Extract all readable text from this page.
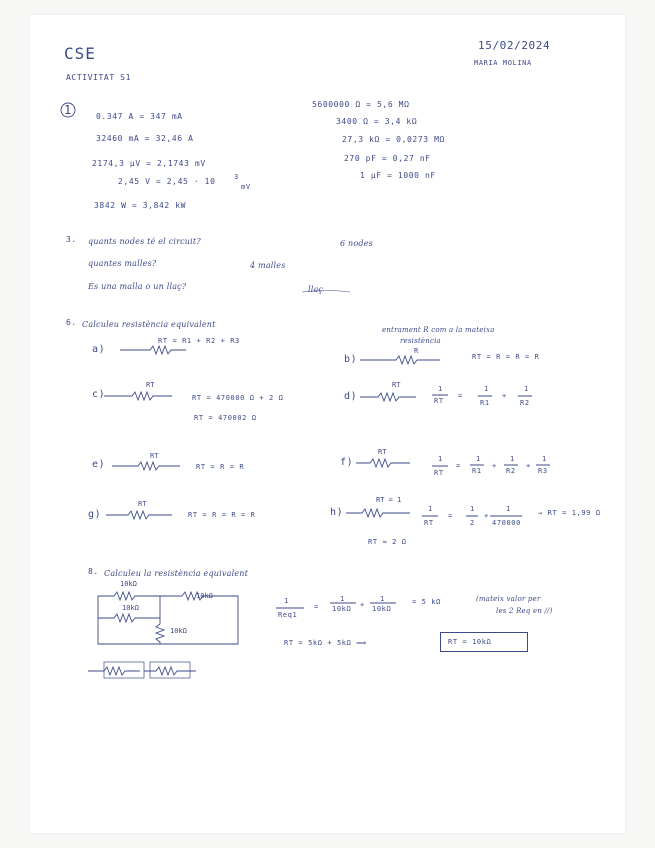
CSE
ACTIVITAT S1
15/02/2024
MARIA MOLINA
1	0.347 A = 347 mA
32460 mA = 32,46 A
2174,3 μV = 2,1743 mV
2,45 V = 2,45 · 10	3
mV
3842 W = 3,842 kW
5600000 Ω = 5,6 MΩ
3400 Ω = 3,4 kΩ
27,3 kΩ = 0,0273 MΩ
270 pF = 0,27 nF
1 μF = 1000 nF
3. quants nodes té el circuit?	6 nodes
quantes malles?	4 malles
És una malla o un llaç?	llaç
6. Calculeu resistència equivalent
entrament R com a la mateixa
resistència
a)
RT = R1 + R2 + R3
b)
R
RT = R = R = R
c)
RT
RT = 470000 Ω + 2 Ω
RT = 470002 Ω
d)
RT	1
RT
=
1
R1
+
1
R2
e)
RT
RT = R = R	f)
RT
1
RT
=
1
R1
+
1
R2
+
1
R3
g)
RT
RT = R = R = R	h)
RT = 1
1
RT
=
1
2
+
1
470000
→ RT = 1,99 Ω
RT ≈ 2 Ω
8. Calculeu la resistència equivalent
10kΩ
10kΩ
10kΩ
10kΩ
1
Req1
=
1
10kΩ +
1
10kΩ
= 5 kΩ	(mateix valor per
les 2 Req en //)
RT = 5kΩ + 5kΩ ⟹	RT = 10kΩ
